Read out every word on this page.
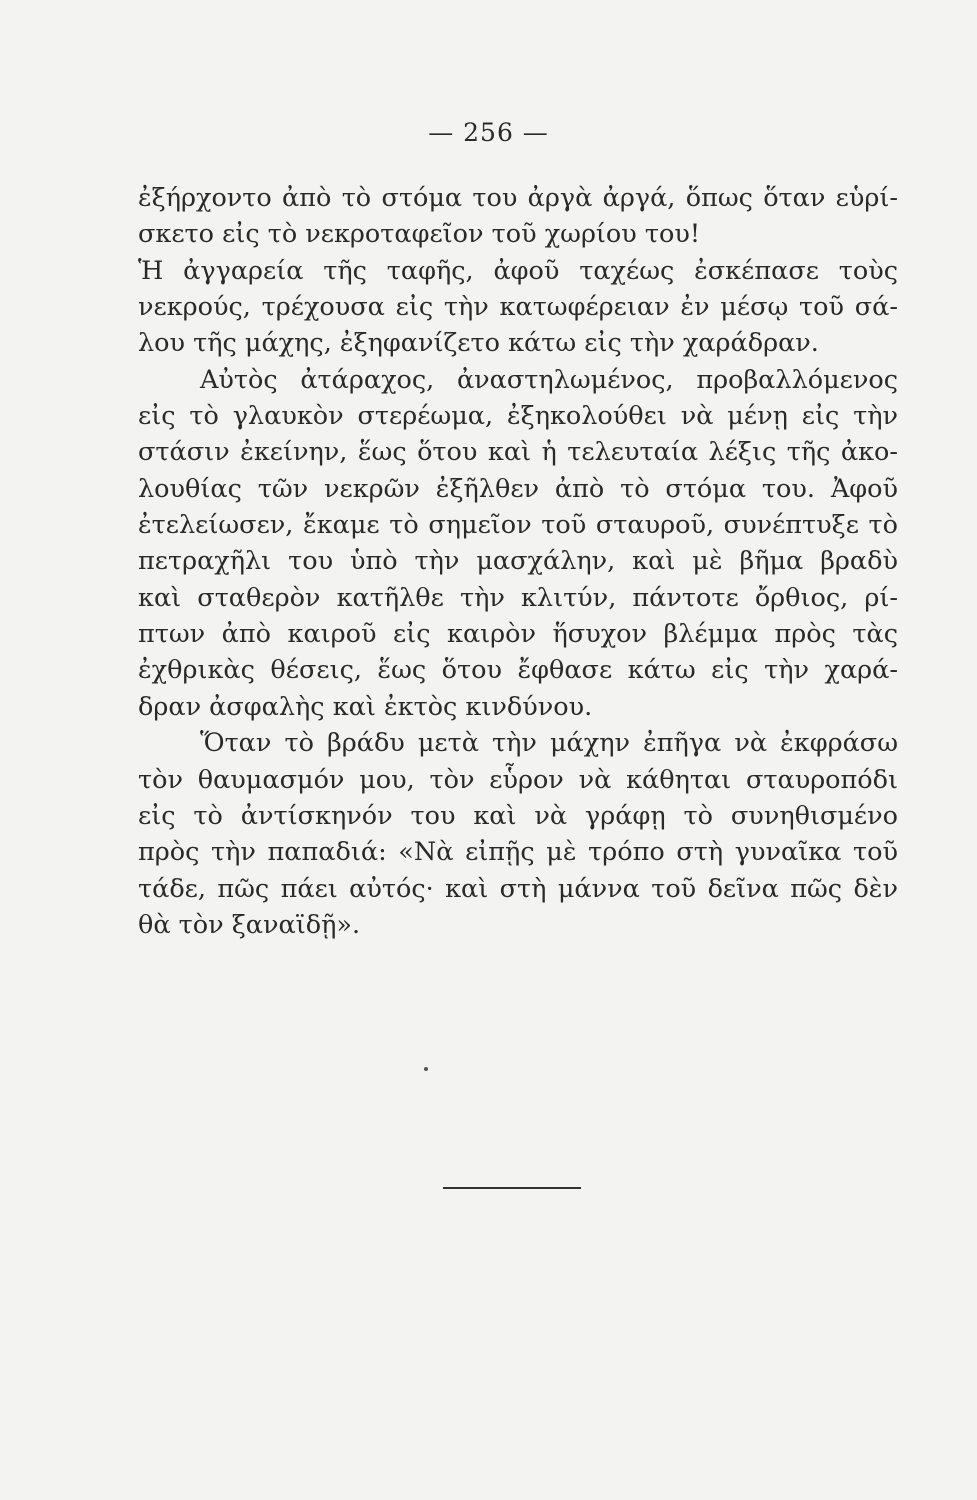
— 256 —
ἐξήρχοντο ἀπὸ τὸ στόμα του ἀργὰ ἀργά, ὅπως ὅταν εὑρί-
σκετο εἰς τὸ νεκροταφεῖον τοῦ χωρίου του!
Ἡ ἀγγαρεία τῆς ταφῆς, ἀφοῦ ταχέως ἐσκέπασε τοὺς
νεκρούς, τρέχουσα εἰς τὴν κατωφέρειαν ἐν μέσῳ τοῦ σά-
λου τῆς μάχης, ἐξηφανίζετο κάτω εἰς τὴν χαράδραν.
Αὐτὸς ἀτάραχος, ἀναστηλωμένος, προβαλλόμενος
εἰς τὸ γλαυκὸν στερέωμα, ἐξηκολούθει νὰ μένῃ εἰς τὴν
στάσιν ἐκείνην, ἕως ὅτου καὶ ἡ τελευταία λέξις τῆς ἀκο-
λουθίας τῶν νεκρῶν ἐξῆλθεν ἀπὸ τὸ στόμα του. Ἀφοῦ
ἐτελείωσεν, ἔκαμε τὸ σημεῖον τοῦ σταυροῦ, συνέπτυξε τὸ
πετραχῆλι του ὑπὸ τὴν μασχάλην, καὶ μὲ βῆμα βραδὺ
καὶ σταθερὸν κατῆλθε τὴν κλιτύν, πάντοτε ὄρθιος, ρί-
πτων ἀπὸ καιροῦ εἰς καιρὸν ἥσυχον βλέμμα πρὸς τὰς
ἐχθρικὰς θέσεις, ἕως ὅτου ἔφθασε κάτω εἰς τὴν χαρά-
δραν ἀσφαλὴς καὶ ἐκτὸς κινδύνου.
Ὅταν τὸ βράδυ μετὰ τὴν μάχην ἐπῆγα νὰ ἐκφράσω
τὸν θαυμασμόν μου, τὸν εὗρον νὰ κάθηται σταυροπόδι
εἰς τὸ ἀντίσκηνόν του καὶ νὰ γράφῃ τὸ συνηθισμένο
πρὸς τὴν παπαδιά: «Νὰ εἰπῇς μὲ τρόπο στὴ γυναῖκα τοῦ
τάδε, πῶς πάει αὐτός· καὶ στὴ μάννα τοῦ δεῖνα πῶς δὲν
θὰ τὸν ξαναϊδῇ».
